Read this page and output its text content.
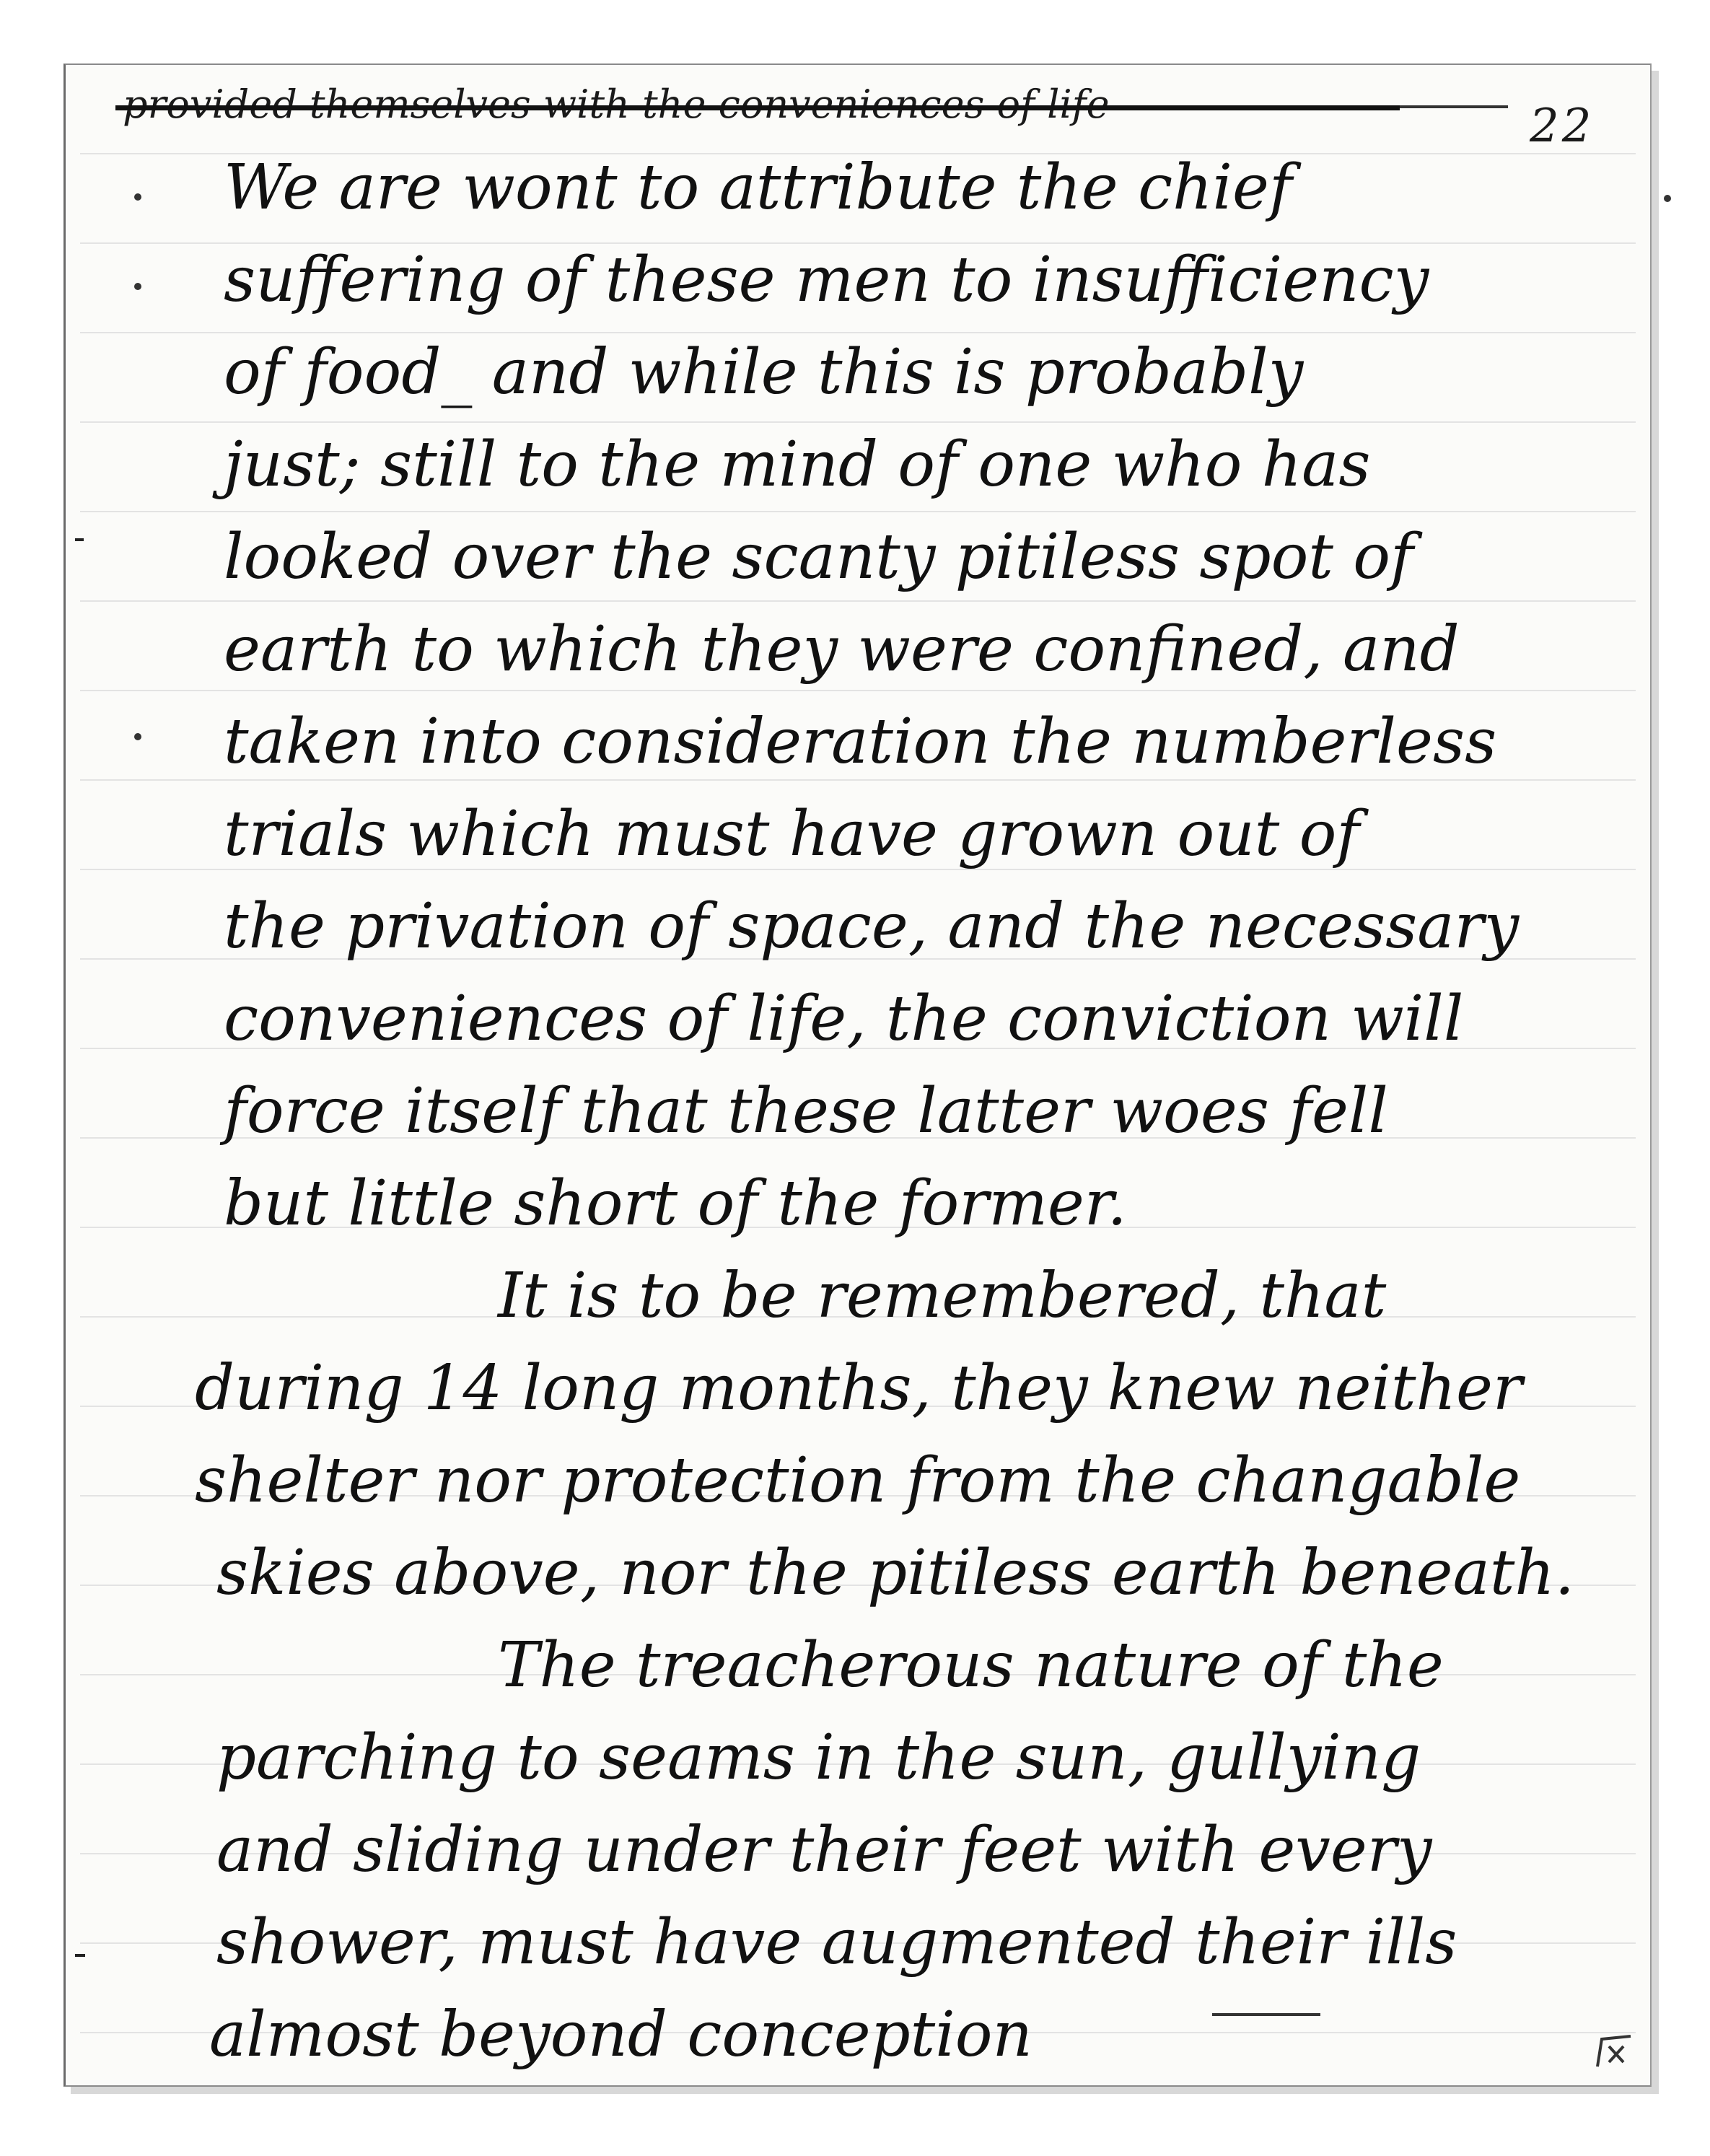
22
provided themselves with the conveniences of life
We are wont to attribute the chief
suffering of these men to insufficiency
of food_ and while this is probably
just; still to the mind of one who has
looked over the scanty pitiless spot of
earth to which they were confined, and
taken into consideration the numberless
trials which must have grown out of
the privation of space, and the necessary
conveniences of life, the conviction will
force itself that these latter woes fell
but little short of the former.
It is to be remembered, that
during 14 long months, they knew neither
shelter nor protection from the changable
skies above, nor the pitiless earth beneath.
The treacherous nature of the
parching to seams in the sun, gullying
and sliding under their feet with every
shower, must have augmented their ills
almost beyond conception
